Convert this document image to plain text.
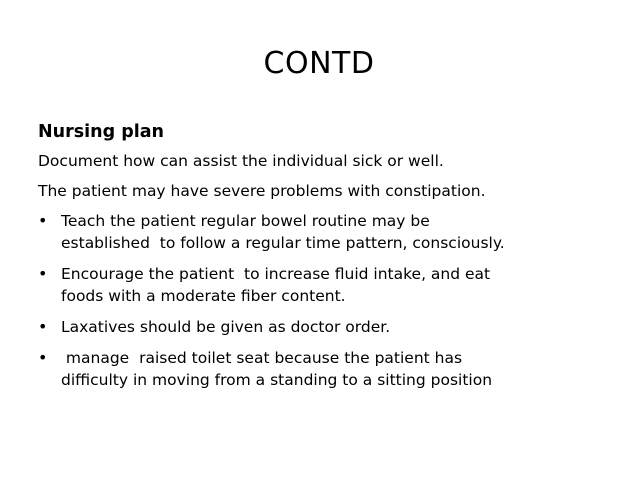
CONTD
Nursing plan
Document how can assist the individual sick or well.
The patient may have severe problems with constipation.
• Teach the patient regular bowel routine may be
established  to follow a regular time pattern, consciously.
• Encourage the patient  to increase fluid intake, and eat
foods with a moderate fiber content.
• Laxatives should be given as doctor order.
• manage  raised toilet seat because the patient has
difficulty in moving from a standing to a sitting position
